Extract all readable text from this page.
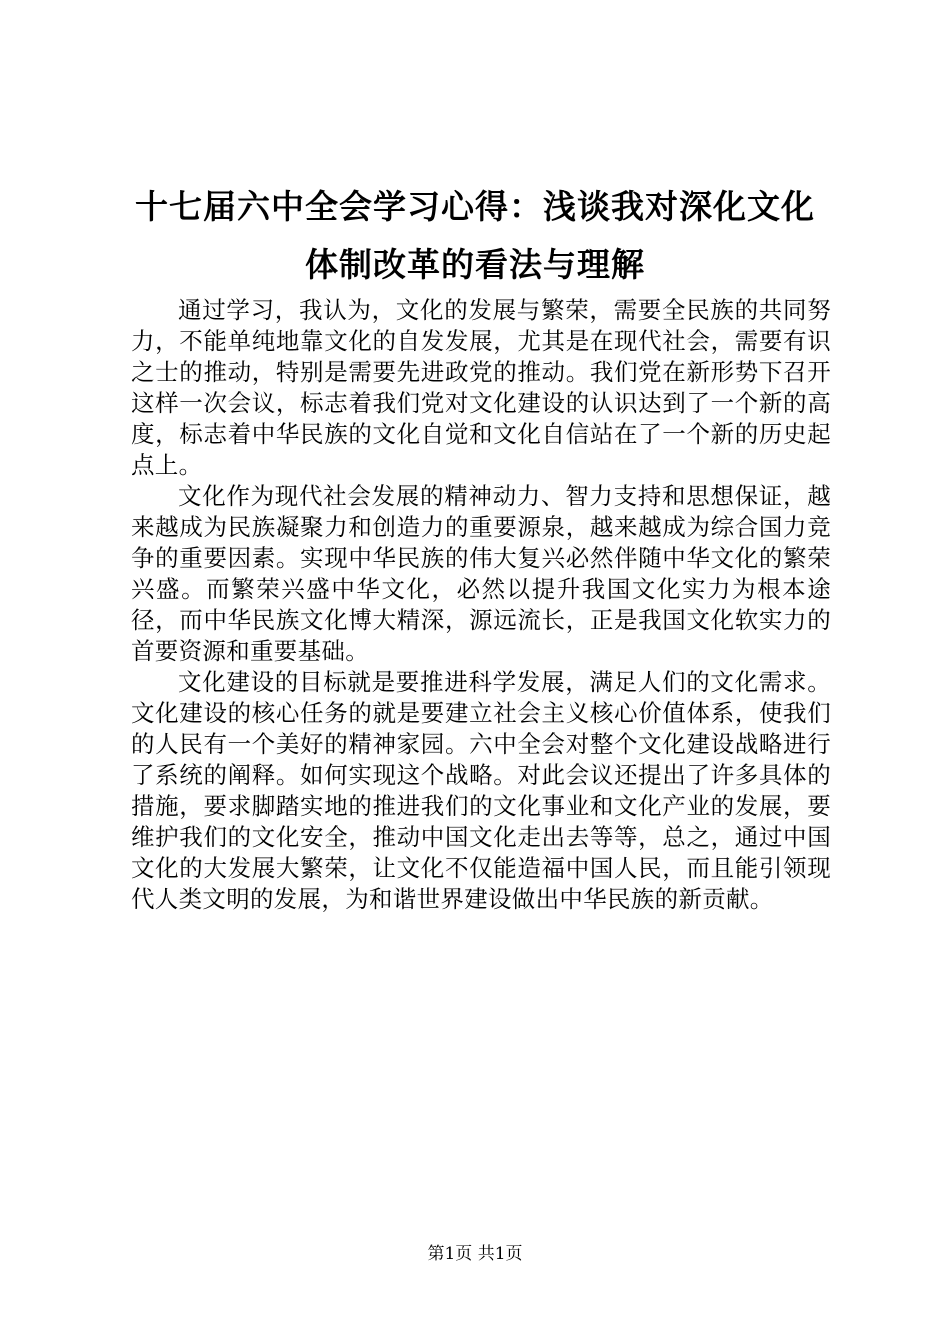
十七届六中全会学习心得：浅谈我对深化文化
体制改革的看法与理解

通过学习，我认为，文化的发展与繁荣，需要全民族的共同努力，不能单纯地靠文化的自发发展，尤其是在现代社会，需要有识之士的推动，特别是需要先进政党的推动。我们党在新形势下召开这样一次会议，标志着我们党对文化建设的认识达到了一个新的高度，标志着中华民族的文化自觉和文化自信站在了一个新的历史起点上。

文化作为现代社会发展的精神动力、智力支持和思想保证，越来越成为民族凝聚力和创造力的重要源泉，越来越成为综合国力竞争的重要因素。实现中华民族的伟大复兴必然伴随中华文化的繁荣兴盛。而繁荣兴盛中华文化，必然以提升我国文化实力为根本途径，而中华民族文化博大精深，源远流长，正是我国文化软实力的首要资源和重要基础。

文化建设的目标就是要推进科学发展，满足人们的文化需求。文化建设的核心任务的就是要建立社会主义核心价值体系，使我们的人民有一个美好的精神家园。六中全会对整个文化建设战略进行了系统的阐释。如何实现这个战略。对此会议还提出了许多具体的措施，要求脚踏实地的推进我们的文化事业和文化产业的发展，要维护我们的文化安全，推动中国文化走出去等等，总之，通过中国文化的大发展大繁荣，让文化不仅能造福中国人民，而且能引领现代人类文明的发展，为和谐世界建设做出中华民族的新贡献。

第1页 共1页
